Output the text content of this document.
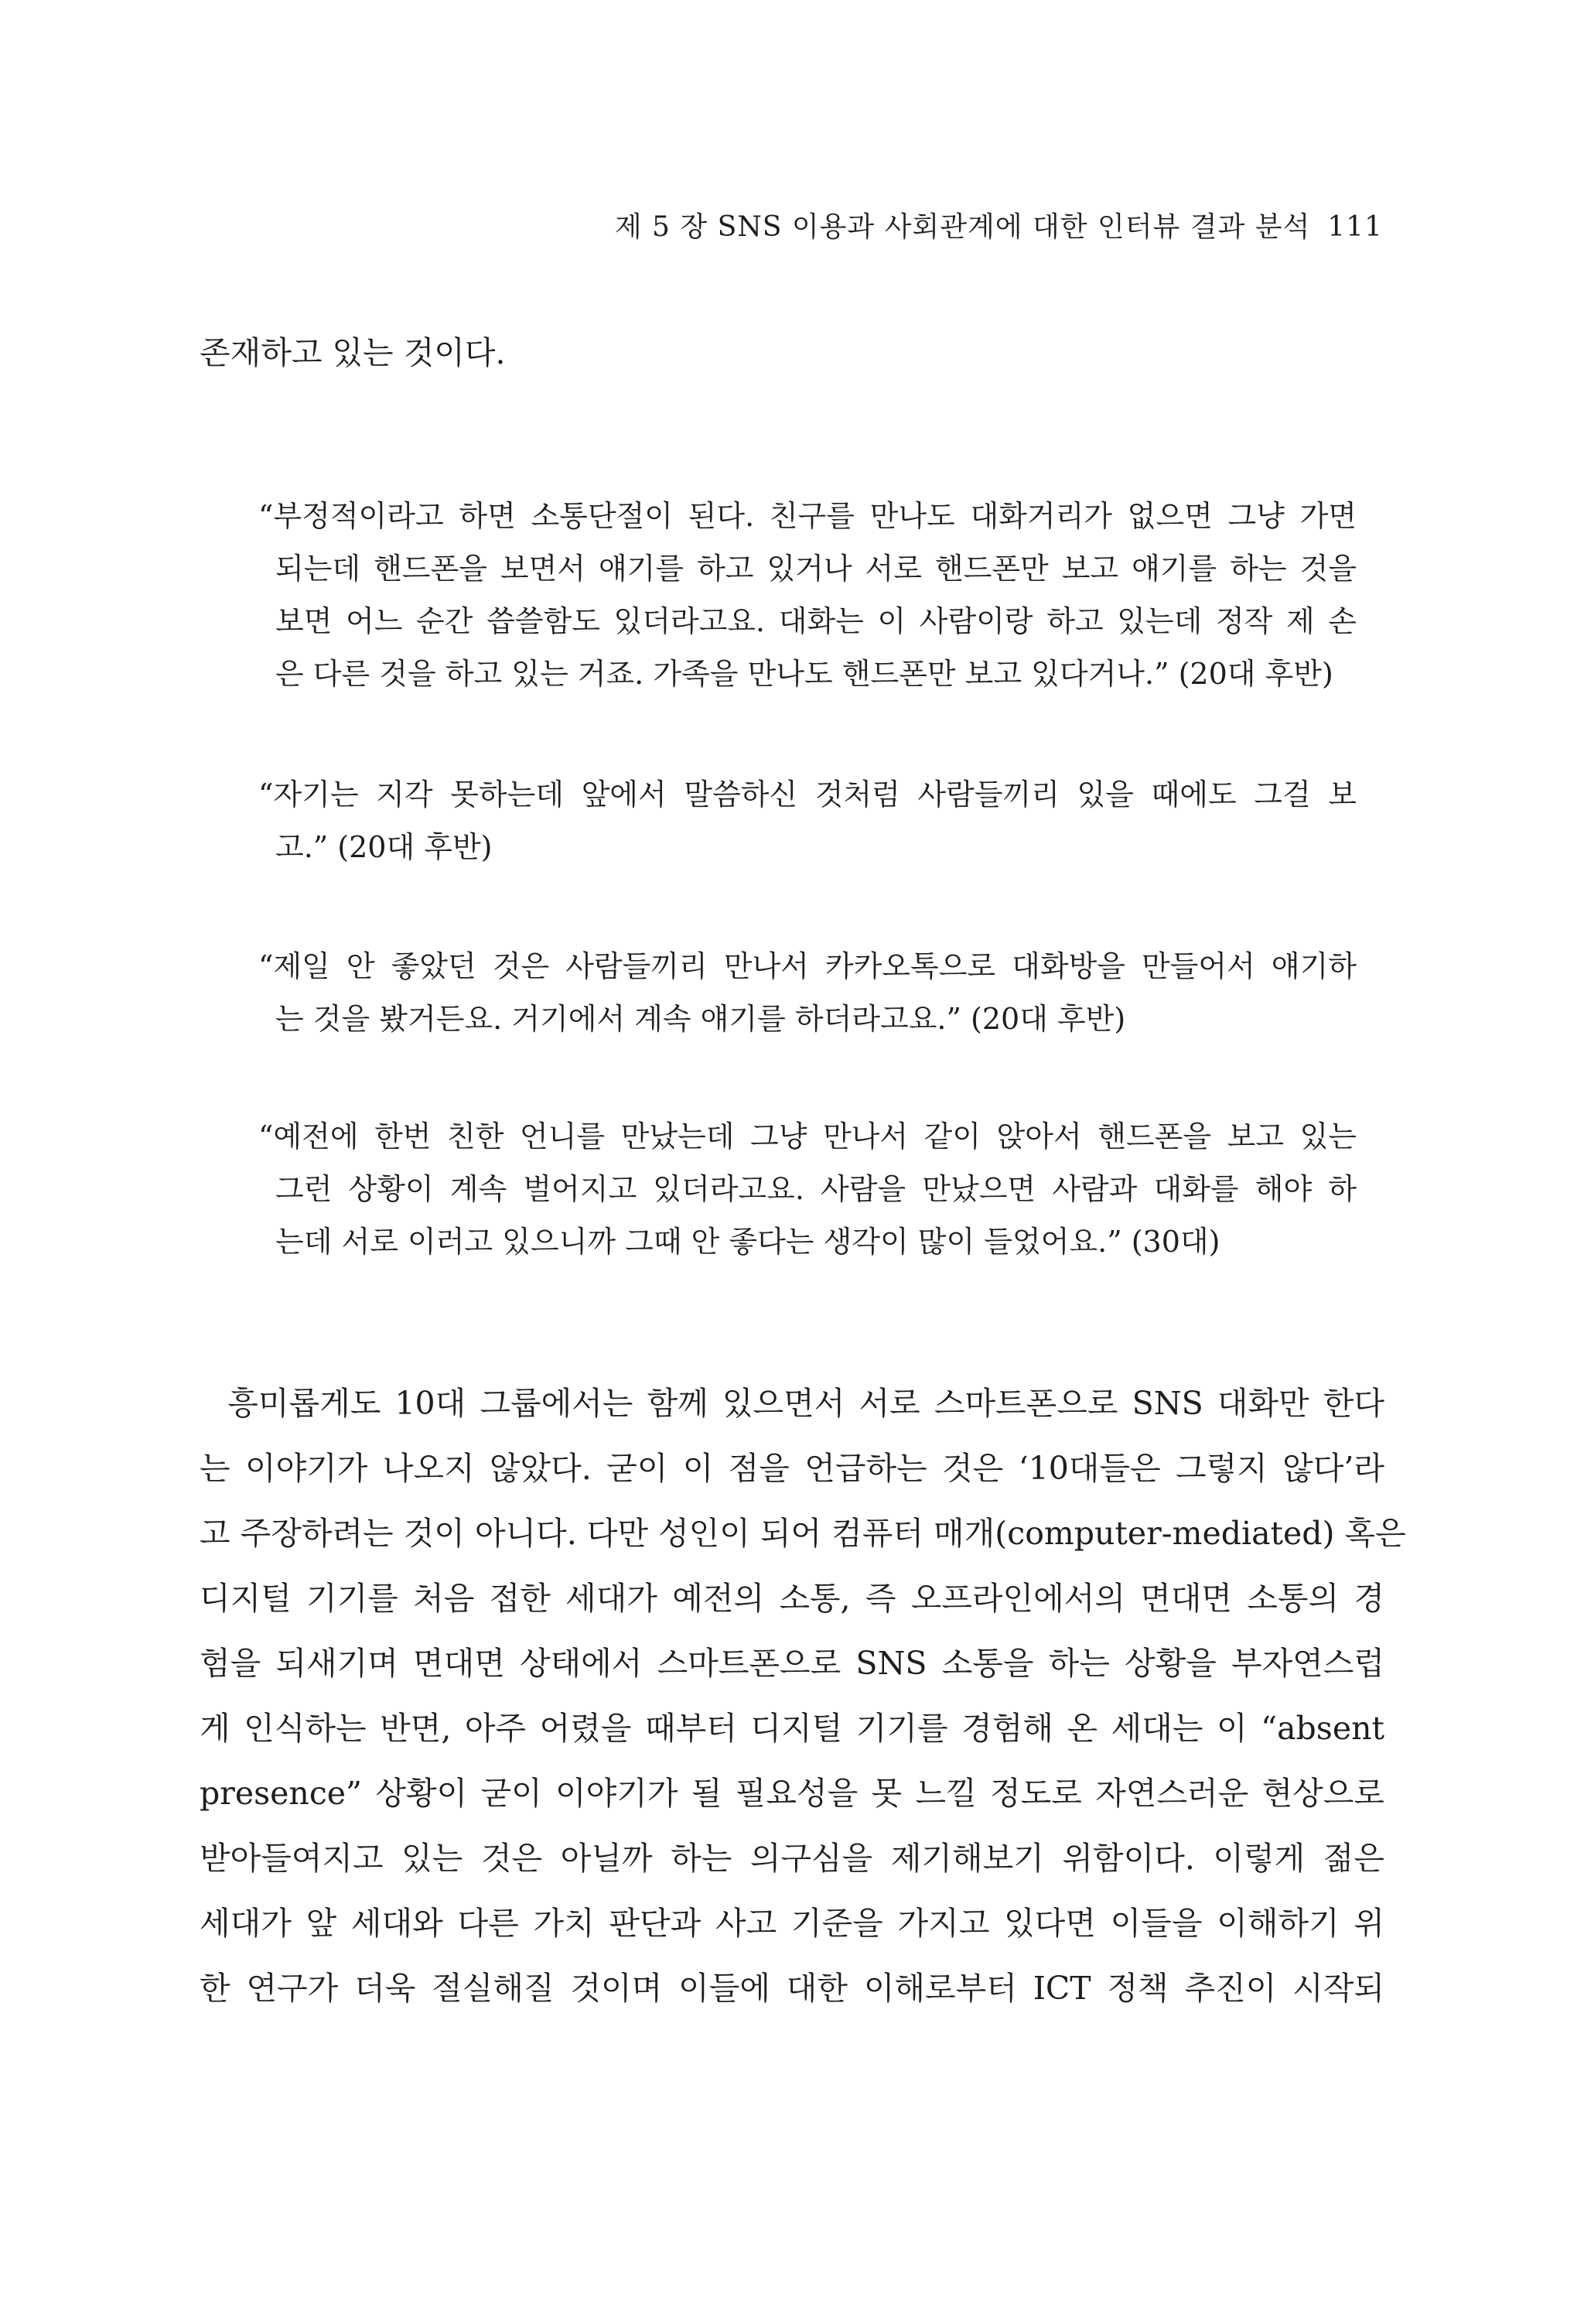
제 5 장 SNS 이용과 사회관계에 대한 인터뷰 결과 분석 111
존재하고 있는 것이다.
“부정적이라고 하면 소통단절이 된다. 친구를 만나도 대화거리가 없으면 그냥 가면
되는데 핸드폰을 보면서 얘기를 하고 있거나 서로 핸드폰만 보고 얘기를 하는 것을
보면 어느 순간 씁쓸함도 있더라고요. 대화는 이 사람이랑 하고 있는데 정작 제 손
은 다른 것을 하고 있는 거죠. 가족을 만나도 핸드폰만 보고 있다거나.” (20대 후반)
“자기는 지각 못하는데 앞에서 말씀하신 것처럼 사람들끼리 있을 때에도 그걸 보
고.” (20대 후반)
“제일 안 좋았던 것은 사람들끼리 만나서 카카오톡으로 대화방을 만들어서 얘기하
는 것을 봤거든요. 거기에서 계속 얘기를 하더라고요.” (20대 후반)
“예전에 한번 친한 언니를 만났는데 그냥 만나서 같이 앉아서 핸드폰을 보고 있는
그런 상황이 계속 벌어지고 있더라고요. 사람을 만났으면 사람과 대화를 해야 하
는데 서로 이러고 있으니까 그때 안 좋다는 생각이 많이 들었어요.” (30대)
흥미롭게도 10대 그룹에서는 함께 있으면서 서로 스마트폰으로 SNS 대화만 한다
는 이야기가 나오지 않았다. 굳이 이 점을 언급하는 것은 ‘10대들은 그렇지 않다’라
고 주장하려는 것이 아니다. 다만 성인이 되어 컴퓨터 매개(computer-mediated) 혹은
디지털 기기를 처음 접한 세대가 예전의 소통, 즉 오프라인에서의 면대면 소통의 경
험을 되새기며 면대면 상태에서 스마트폰으로 SNS 소통을 하는 상황을 부자연스럽
게 인식하는 반면, 아주 어렸을 때부터 디지털 기기를 경험해 온 세대는 이 “absent
presence” 상황이 굳이 이야기가 될 필요성을 못 느낄 정도로 자연스러운 현상으로
받아들여지고 있는 것은 아닐까 하는 의구심을 제기해보기 위함이다. 이렇게 젊은
세대가 앞 세대와 다른 가치 판단과 사고 기준을 가지고 있다면 이들을 이해하기 위
한 연구가 더욱 절실해질 것이며 이들에 대한 이해로부터 ICT 정책 추진이 시작되
